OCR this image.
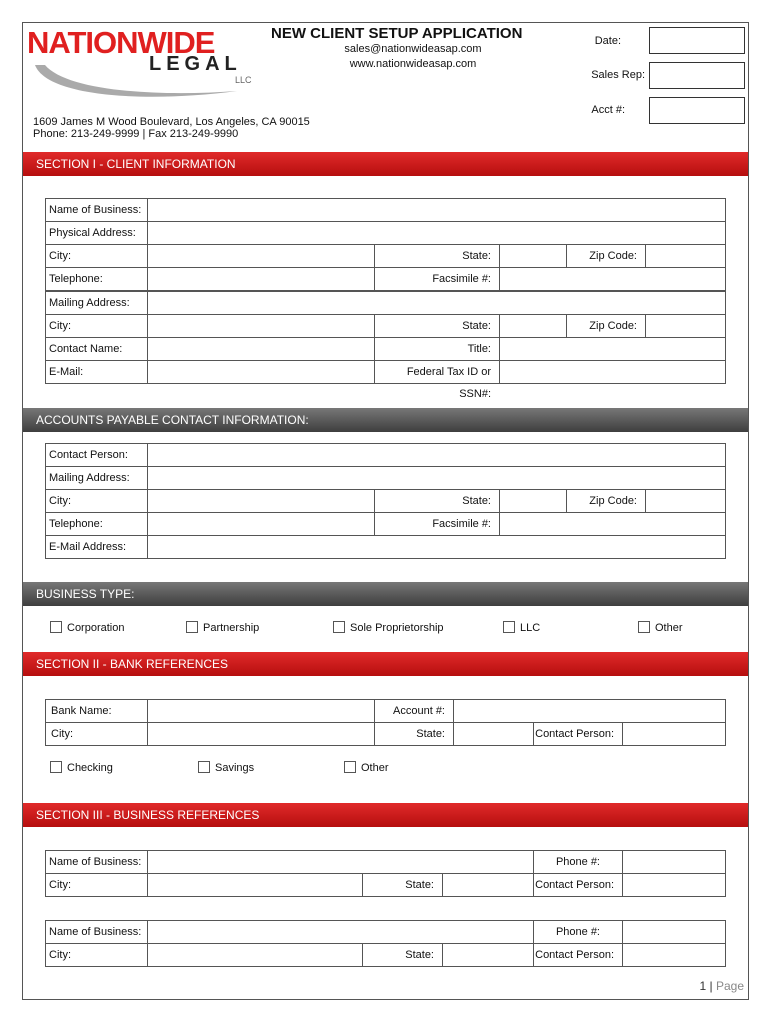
NATIONWIDE
LEGAL
LLC
NEW CLIENT SETUP APPLICATION
sales@nationwideasap.com
www.nationwideasap.com
1609 James M Wood Boulevard, Los Angeles, CA 90015
Phone: 213-249-9999 | Fax 213-249-9990
Date:
Sales Rep:
Acct #:
SECTION I - CLIENT INFORMATION
Name of Business:
Physical Address:
City:	State:	Zip Code:
Telephone:	Facsimile #:
Mailing Address:
City:	State:	Zip Code:
Contact Name:	Title:
E-Mail:	Federal Tax ID or SSN#:
ACCOUNTS PAYABLE CONTACT INFORMATION:
Contact Person:
Mailing Address:
City:	State:	Zip Code:
Telephone:	Facsimile #:
E-Mail Address:
BUSINESS TYPE:
Corporation	Partnership	Sole Proprietorship	LLC	Other
SECTION II - BANK REFERENCES
Bank Name:	Account #:
City:	State:	Contact Person:
Checking	Savings	Other
SECTION III - BUSINESS REFERENCES
Name of Business:	Phone #:
City:	State:	Contact Person:
Name of Business:	Phone #:
City:	State:	Contact Person:
1 | Page
